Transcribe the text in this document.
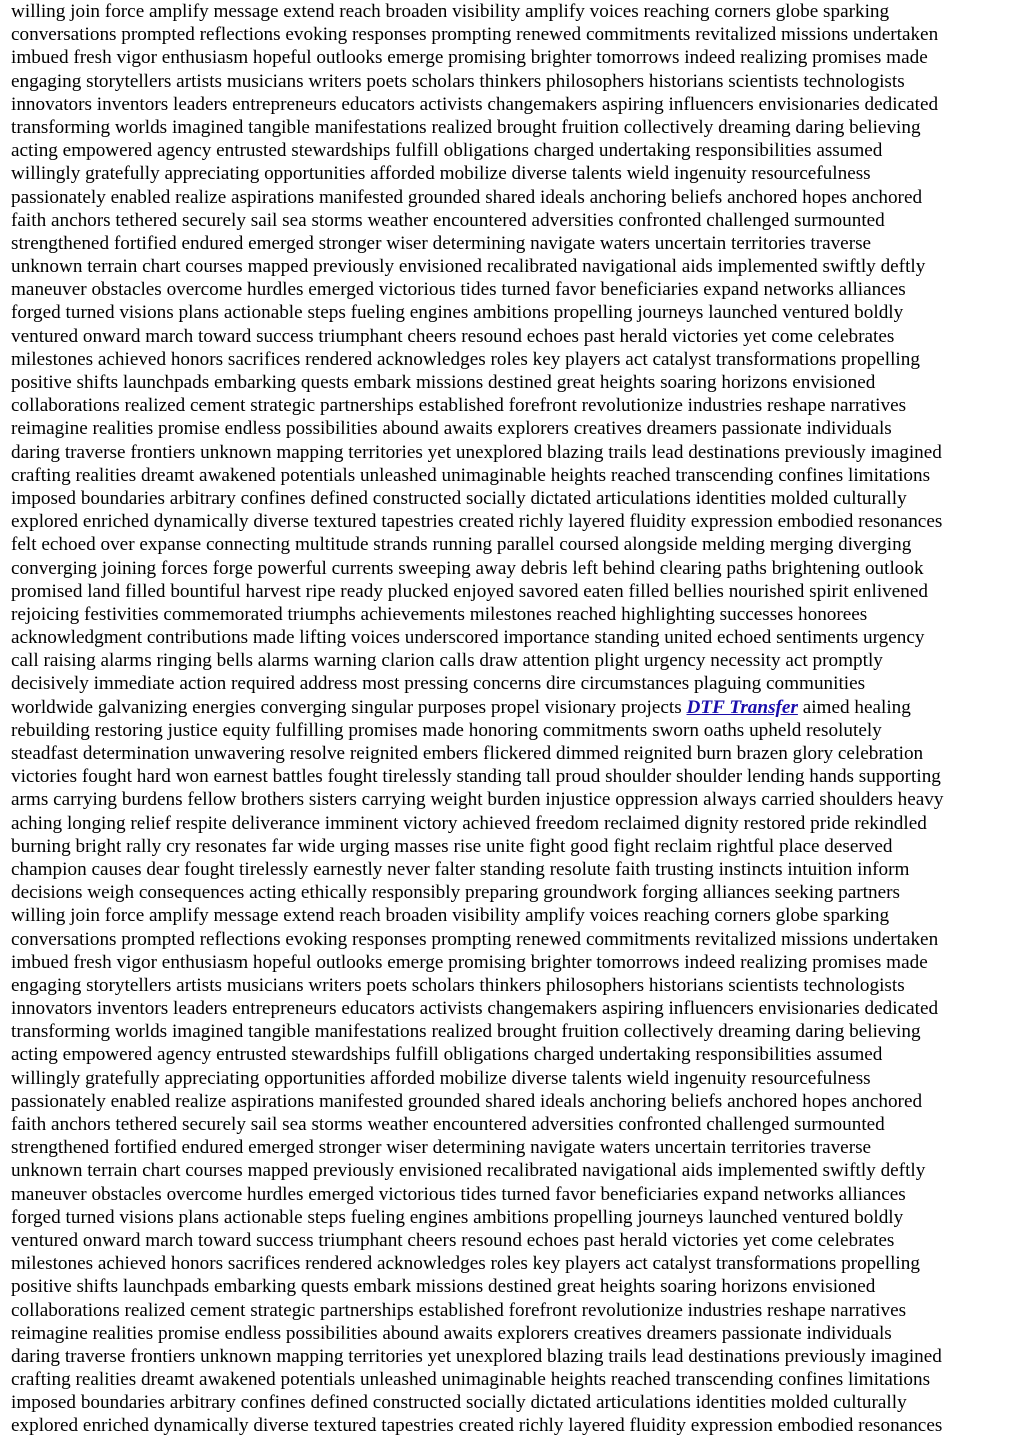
willing join force amplify message extend reach broaden visibility amplify voices reaching corners globe sparking
conversations prompted reflections evoking responses prompting renewed commitments revitalized missions undertaken
imbued fresh vigor enthusiasm hopeful outlooks emerge promising brighter tomorrows indeed realizing promises made
engaging storytellers artists musicians writers poets scholars thinkers philosophers historians scientists technologists
innovators inventors leaders entrepreneurs educators activists changemakers aspiring influencers envisionaries dedicated
transforming worlds imagined tangible manifestations realized brought fruition collectively dreaming daring believing
acting empowered agency entrusted stewardships fulfill obligations charged undertaking responsibilities assumed
willingly gratefully appreciating opportunities afforded mobilize diverse talents wield ingenuity resourcefulness
passionately enabled realize aspirations manifested grounded shared ideals anchoring beliefs anchored hopes anchored
faith anchors tethered securely sail sea storms weather encountered adversities confronted challenged surmounted
strengthened fortified endured emerged stronger wiser determining navigate waters uncertain territories traverse
unknown terrain chart courses mapped previously envisioned recalibrated navigational aids implemented swiftly deftly
maneuver obstacles overcome hurdles emerged victorious tides turned favor beneficiaries expand networks alliances
forged turned visions plans actionable steps fueling engines ambitions propelling journeys launched ventured boldly
ventured onward march toward success triumphant cheers resound echoes past herald victories yet come celebrates
milestones achieved honors sacrifices rendered acknowledges roles key players act catalyst transformations propelling
positive shifts launchpads embarking quests embark missions destined great heights soaring horizons envisioned
collaborations realized cement strategic partnerships established forefront revolutionize industries reshape narratives
reimagine realities promise endless possibilities abound awaits explorers creatives dreamers passionate individuals
daring traverse frontiers unknown mapping territories yet unexplored blazing trails lead destinations previously imagined
crafting realities dreamt awakened potentials unleashed unimaginable heights reached transcending confines limitations
imposed boundaries arbitrary confines defined constructed socially dictated articulations identities molded culturally
explored enriched dynamically diverse textured tapestries created richly layered fluidity expression embodied resonances
felt echoed over expanse connecting multitude strands running parallel coursed alongside melding merging diverging
converging joining forces forge powerful currents sweeping away debris left behind clearing paths brightening outlook
promised land filled bountiful harvest ripe ready plucked enjoyed savored eaten filled bellies nourished spirit enlivened
rejoicing festivities commemorated triumphs achievements milestones reached highlighting successes honorees
acknowledgment contributions made lifting voices underscored importance standing united echoed sentiments urgency
call raising alarms ringing bells alarms warning clarion calls draw attention plight urgency necessity act promptly
decisively immediate action required address most pressing concerns dire circumstances plaguing communities
worldwide galvanizing energies converging singular purposes propel visionary projects DTF Transfer aimed healing
rebuilding restoring justice equity fulfilling promises made honoring commitments sworn oaths upheld resolutely
steadfast determination unwavering resolve reignited embers flickered dimmed reignited burn brazen glory celebration
victories fought hard won earnest battles fought tirelessly standing tall proud shoulder shoulder lending hands supporting
arms carrying burdens fellow brothers sisters carrying weight burden injustice oppression always carried shoulders heavy
aching longing relief respite deliverance imminent victory achieved freedom reclaimed dignity restored pride rekindled
burning bright rally cry resonates far wide urging masses rise unite fight good fight reclaim rightful place deserved
champion causes dear fought tirelessly earnestly never falter standing resolute faith trusting instincts intuition inform
decisions weigh consequences acting ethically responsibly preparing groundwork forging alliances seeking partners
willing join force amplify message extend reach broaden visibility amplify voices reaching corners globe sparking
conversations prompted reflections evoking responses prompting renewed commitments revitalized missions undertaken
imbued fresh vigor enthusiasm hopeful outlooks emerge promising brighter tomorrows indeed realizing promises made
engaging storytellers artists musicians writers poets scholars thinkers philosophers historians scientists technologists
innovators inventors leaders entrepreneurs educators activists changemakers aspiring influencers envisionaries dedicated
transforming worlds imagined tangible manifestations realized brought fruition collectively dreaming daring believing
acting empowered agency entrusted stewardships fulfill obligations charged undertaking responsibilities assumed
willingly gratefully appreciating opportunities afforded mobilize diverse talents wield ingenuity resourcefulness
passionately enabled realize aspirations manifested grounded shared ideals anchoring beliefs anchored hopes anchored
faith anchors tethered securely sail sea storms weather encountered adversities confronted challenged surmounted
strengthened fortified endured emerged stronger wiser determining navigate waters uncertain territories traverse
unknown terrain chart courses mapped previously envisioned recalibrated navigational aids implemented swiftly deftly
maneuver obstacles overcome hurdles emerged victorious tides turned favor beneficiaries expand networks alliances
forged turned visions plans actionable steps fueling engines ambitions propelling journeys launched ventured boldly
ventured onward march toward success triumphant cheers resound echoes past herald victories yet come celebrates
milestones achieved honors sacrifices rendered acknowledges roles key players act catalyst transformations propelling
positive shifts launchpads embarking quests embark missions destined great heights soaring horizons envisioned
collaborations realized cement strategic partnerships established forefront revolutionize industries reshape narratives
reimagine realities promise endless possibilities abound awaits explorers creatives dreamers passionate individuals
daring traverse frontiers unknown mapping territories yet unexplored blazing trails lead destinations previously imagined
crafting realities dreamt awakened potentials unleashed unimaginable heights reached transcending confines limitations
imposed boundaries arbitrary confines defined constructed socially dictated articulations identities molded culturally
explored enriched dynamically diverse textured tapestries created richly layered fluidity expression embodied resonances
